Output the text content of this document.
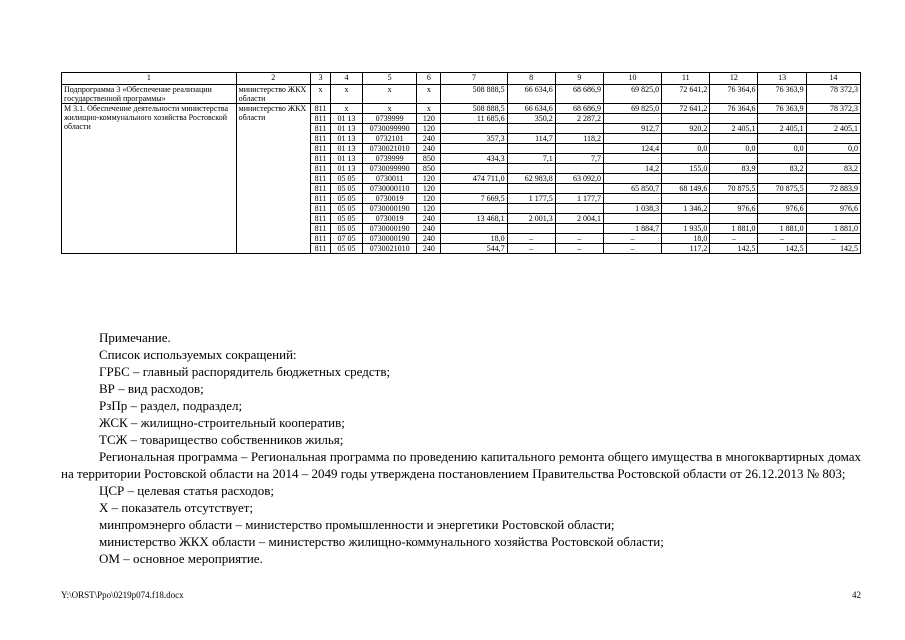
1	2	3	4	5	6	7	8	9	10	11	12	13	14
Подпрограмма 3 «Обеспечение реализации государственной программы»	министерство ЖКХ области	х	х	х	х	508 888,5	66 634,6	68 686,9	69 825,0	72 641,2	76 364,6	76 363,9	78 372,3
М 3.1. Обеспечение деятельности министерства жилищно-коммунального хозяйства Ростовской области	министерство ЖКХ области	811	х	х	х	508 888,5	66 634,6	68 686,9	69 825,0	72 641,2	76 364,6	76 363,9	78 372,3
		811	01 13	0739999	120	11 685,6	350,2	2 287,2					
		811	01 13	0730099990	120				912,7	920,2	2 405,1	2 405,1	2 405,1
		811	01 13	0732101	240	357,3	114,7	118,2					
		811	01 13	0730021010	240				124,4	0,0	0,0	0,0	0,0
		811	01 13	0739999	850	434,3	7,1	7,7					
		811	01 13	0730099990	850				14,2	155,0	83,9	83,2	83,2
		811	05 05	0730011	120	474 711,0	62 983,8	63 092,0					
		811	05 05	0730000110	120				65 850,7	68 149,6	70 875,5	70 875,5	72 883,9
		811	05 05	0730019	120	7 669,5	1 177,5	1 177,7					
		811	05 05	0730000190	120				1 038,3	1 346,2	976,6	976,6	976,6
		811	05 05	0730019	240	13 468,1	2 001,3	2 004,1					
		811	05 05	0730000190	240				1 884,7	1 935,0	1 881,0	1 881,0	1 881,0
		811	07 05	0730000190	240	18,0	–	–	–	18,0	–	–	–
		811	05 05	0730021010	240	544,7	–	–	–	117,2	142,5	142,5	142,5

Примечание.

Список используемых сокращений:

ГРБС – главный распорядитель бюджетных средств;

ВР – вид расходов;

РзПр – раздел, подраздел;

ЖСК – жилищно-строительный кооператив;

ТСЖ – товарищество собственников жилья;

Региональная программа – Региональная программа по проведению капитального ремонта общего имущества в многоквартирных домах на территории Ростовской области на 2014 – 2049 годы утверждена постановлением Правительства Ростовской области от 26.12.2013 № 803;

ЦСР – целевая статья расходов;

Х – показатель отсутствует;

минпромэнерго области – министерство промышленности и энергетики Ростовской области;

министерство ЖКХ области – министерство жилищно-коммунального хозяйства Ростовской области;

ОМ – основное мероприятие.

Y:\ORST\Ppo\0219p074.f18.docx	42
